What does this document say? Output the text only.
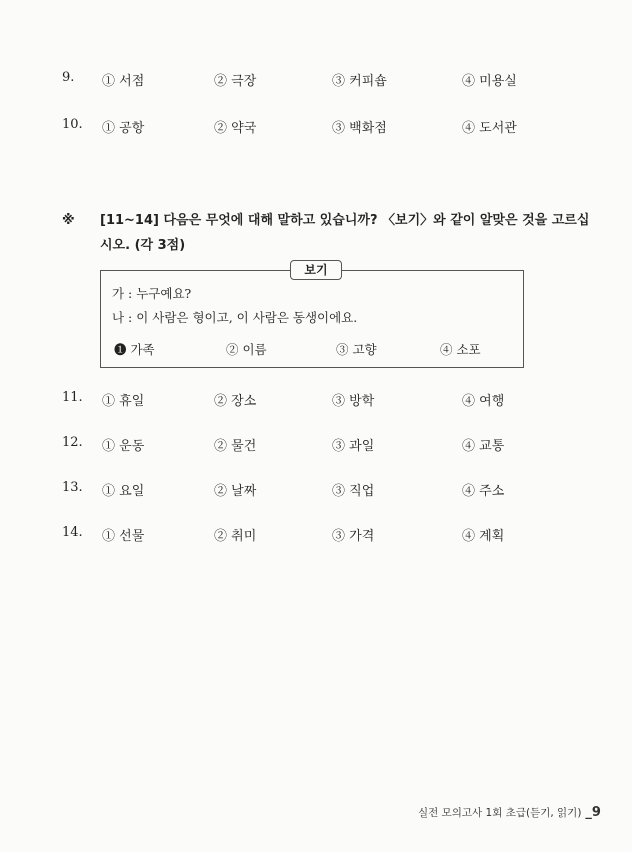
9. ① 서점	② 극장	③ 커피숍	④ 미용실
10. ① 공항	② 약국	③ 백화점	④ 도서관
※ [11~14] 다음은 무엇에 대해 말하고 있습니까? 〈보기〉와 같이 알맞은 것을 고르십시오. (각 3점)
보기
가 : 누구예요?
나 : 이 사람은 형이고, 이 사람은 동생이에요.
❶ 가족	② 이름	③ 고향	④ 소포
11. ① 휴일	② 장소	③ 방학	④ 여행
12. ① 운동	② 물건	③ 과일	④ 교통
13. ① 요일	② 날짜	③ 직업	④ 주소
14. ① 선물	② 취미	③ 가격	④ 계획
실전 모의고사 1회 초급(듣기, 읽기) _9
